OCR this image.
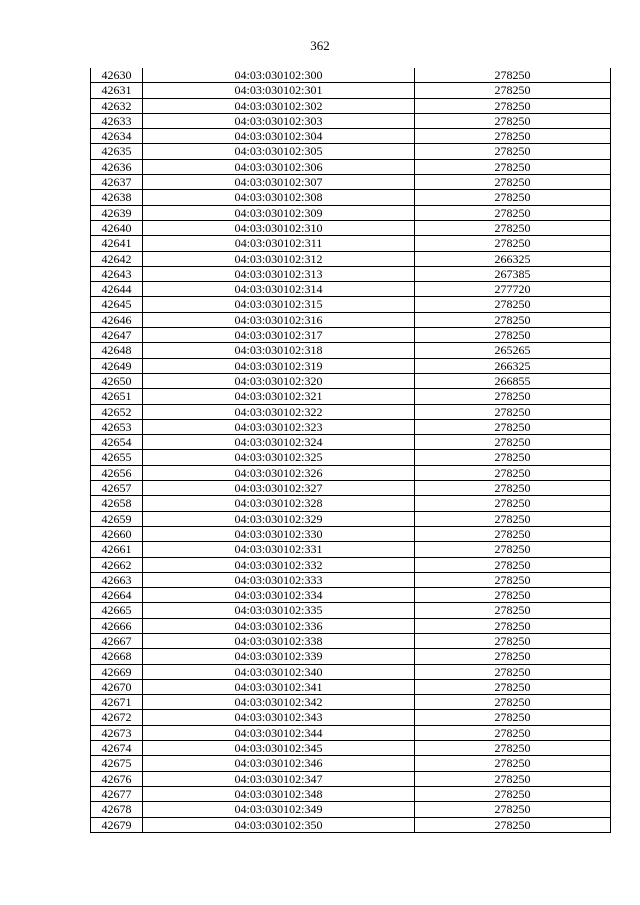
362
42630	04:03:030102:300	278250
42631	04:03:030102:301	278250
42632	04:03:030102:302	278250
42633	04:03:030102:303	278250
42634	04:03:030102:304	278250
42635	04:03:030102:305	278250
42636	04:03:030102:306	278250
42637	04:03:030102:307	278250
42638	04:03:030102:308	278250
42639	04:03:030102:309	278250
42640	04:03:030102:310	278250
42641	04:03:030102:311	278250
42642	04:03:030102:312	266325
42643	04:03:030102:313	267385
42644	04:03:030102:314	277720
42645	04:03:030102:315	278250
42646	04:03:030102:316	278250
42647	04:03:030102:317	278250
42648	04:03:030102:318	265265
42649	04:03:030102:319	266325
42650	04:03:030102:320	266855
42651	04:03:030102:321	278250
42652	04:03:030102:322	278250
42653	04:03:030102:323	278250
42654	04:03:030102:324	278250
42655	04:03:030102:325	278250
42656	04:03:030102:326	278250
42657	04:03:030102:327	278250
42658	04:03:030102:328	278250
42659	04:03:030102:329	278250
42660	04:03:030102:330	278250
42661	04:03:030102:331	278250
42662	04:03:030102:332	278250
42663	04:03:030102:333	278250
42664	04:03:030102:334	278250
42665	04:03:030102:335	278250
42666	04:03:030102:336	278250
42667	04:03:030102:338	278250
42668	04:03:030102:339	278250
42669	04:03:030102:340	278250
42670	04:03:030102:341	278250
42671	04:03:030102:342	278250
42672	04:03:030102:343	278250
42673	04:03:030102:344	278250
42674	04:03:030102:345	278250
42675	04:03:030102:346	278250
42676	04:03:030102:347	278250
42677	04:03:030102:348	278250
42678	04:03:030102:349	278250
42679	04:03:030102:350	278250
